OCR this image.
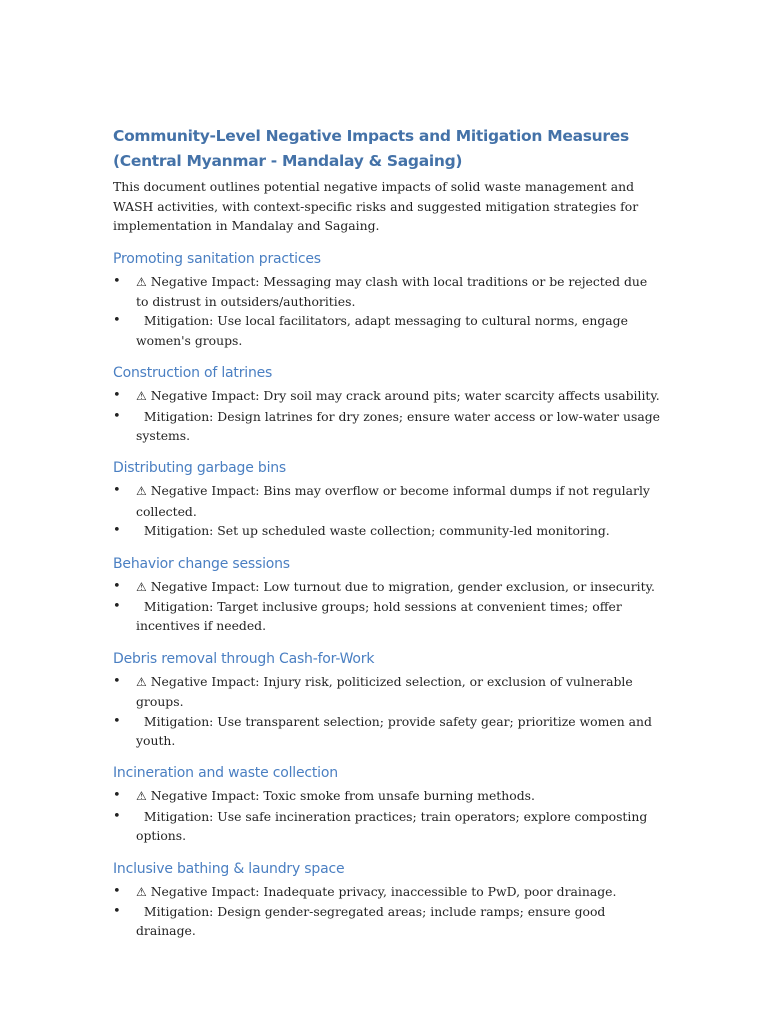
Community-Level Negative Impacts and Mitigation Measures
(Central Myanmar - Mandalay & Sagaing)

This document outlines potential negative impacts of solid waste management and WASH activities, with context-specific risks and suggested mitigation strategies for implementation in Mandalay and Sagaing.

Promoting sanitation practices
• ⚠ Negative Impact: Messaging may clash with local traditions or be rejected due to distrust in outsiders/authorities.
• Mitigation: Use local facilitators, adapt messaging to cultural norms, engage women's groups.
Construction of latrines
• ⚠ Negative Impact: Dry soil may crack around pits; water scarcity affects usability.
• Mitigation: Design latrines for dry zones; ensure water access or low-water usage systems.
Distributing garbage bins
• ⚠ Negative Impact: Bins may overflow or become informal dumps if not regularly collected.
• Mitigation: Set up scheduled waste collection; community-led monitoring.
Behavior change sessions
• ⚠ Negative Impact: Low turnout due to migration, gender exclusion, or insecurity.
• Mitigation: Target inclusive groups; hold sessions at convenient times; offer incentives if needed.
Debris removal through Cash-for-Work
• ⚠ Negative Impact: Injury risk, politicized selection, or exclusion of vulnerable groups.
• Mitigation: Use transparent selection; provide safety gear; prioritize women and youth.
Incineration and waste collection
• ⚠ Negative Impact: Toxic smoke from unsafe burning methods.
• Mitigation: Use safe incineration practices; train operators; explore composting options.
Inclusive bathing & laundry space
• ⚠ Negative Impact: Inadequate privacy, inaccessible to PwD, poor drainage.
• Mitigation: Design gender-segregated areas; include ramps; ensure good drainage.
